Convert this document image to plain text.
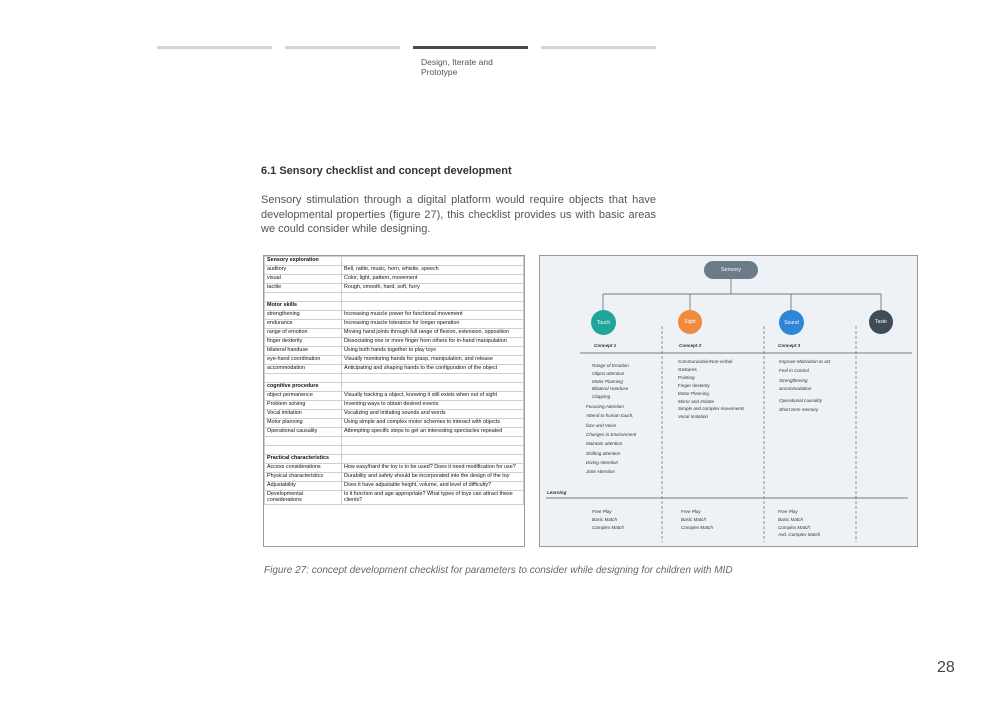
Design, Iterate and Prototype
6.1 Sensory checklist and concept development
Sensory stimulation through a digital platform would require objects that have developmental properties (figure 27), this checklist provides us with basic areas we could consider while designing.
Sensory exploration	
auditory	Bell, rattle, music, horn, whistle, speech
visual	Color, light, pattern, movement
tactile	Rough, smooth, hard, soft, furry

Motor skills	
strengthening	Increasing muscle power for functional movement
endurance	Increasing muscle tolerance for longer operation
range of emotion	Moving hand joints through full range of flexion, extension, opposition
finger dexterity	Dissociating one or more finger from others for in-hand manipulation
bilateral handuse	Using both hands together to play toys
eye-hand coordination	Visually monitoring hands for grasp, manipulation, and release
accommodation	Anticipating and shaping hands to the configuration of the object

cognitive procedure	
object permanence	Visually tracking a object, knowing it still exists when out of sight
Problem solving	Inventing ways to obtain desired events
Vocal imitation	Vocalizing and imitating sounds and words
Motor planning	Using simple and complex motor schemes to interact with objects
Operational causality	Attempting specific steps to get an interesting spectacles repeated

Practical characteristics	
Access considerations	How easy/hard the toy is to be used? Does it need modification for use?
Physical characteristics	Durability and safety should be incorporated into the design of the toy
Adjustability	Does it have adjustable height, volume, and level of difficulty?
Developmental considerations	Is it function and age appropriate? What types of toys can attract these clients?
Sensory
Touch	Sight	Sound	Taste
Concept 1	Concept 2	Concept 3
Range of Emotion
Object attention
Motor Planning
Bilateral Handuse
Clapping
Focusing Attention
Attend to human touch,
face and Voice
Changes in Environment
Maintain attention
Shifting attention
Diving Attention
Joint Attention
CommunicationNon-verbal
Gestures
Pointing
Finger dexterity
Motor Planning
Mirror and Imitate
Simple and complex movements
Vocal Imitation
Improve Motivation to act
Feel in Control
Strengthening
accommodation
Operational causality
Short term memory
Learning
Free Play
Basic Match
Complex Match
Free Play
Basic Match
Complex Match
Free Play
Basic Match
Complex Match
Avd. Complex Match
Figure 27: concept development checklist for parameters to consider while designing for children with MID
28
